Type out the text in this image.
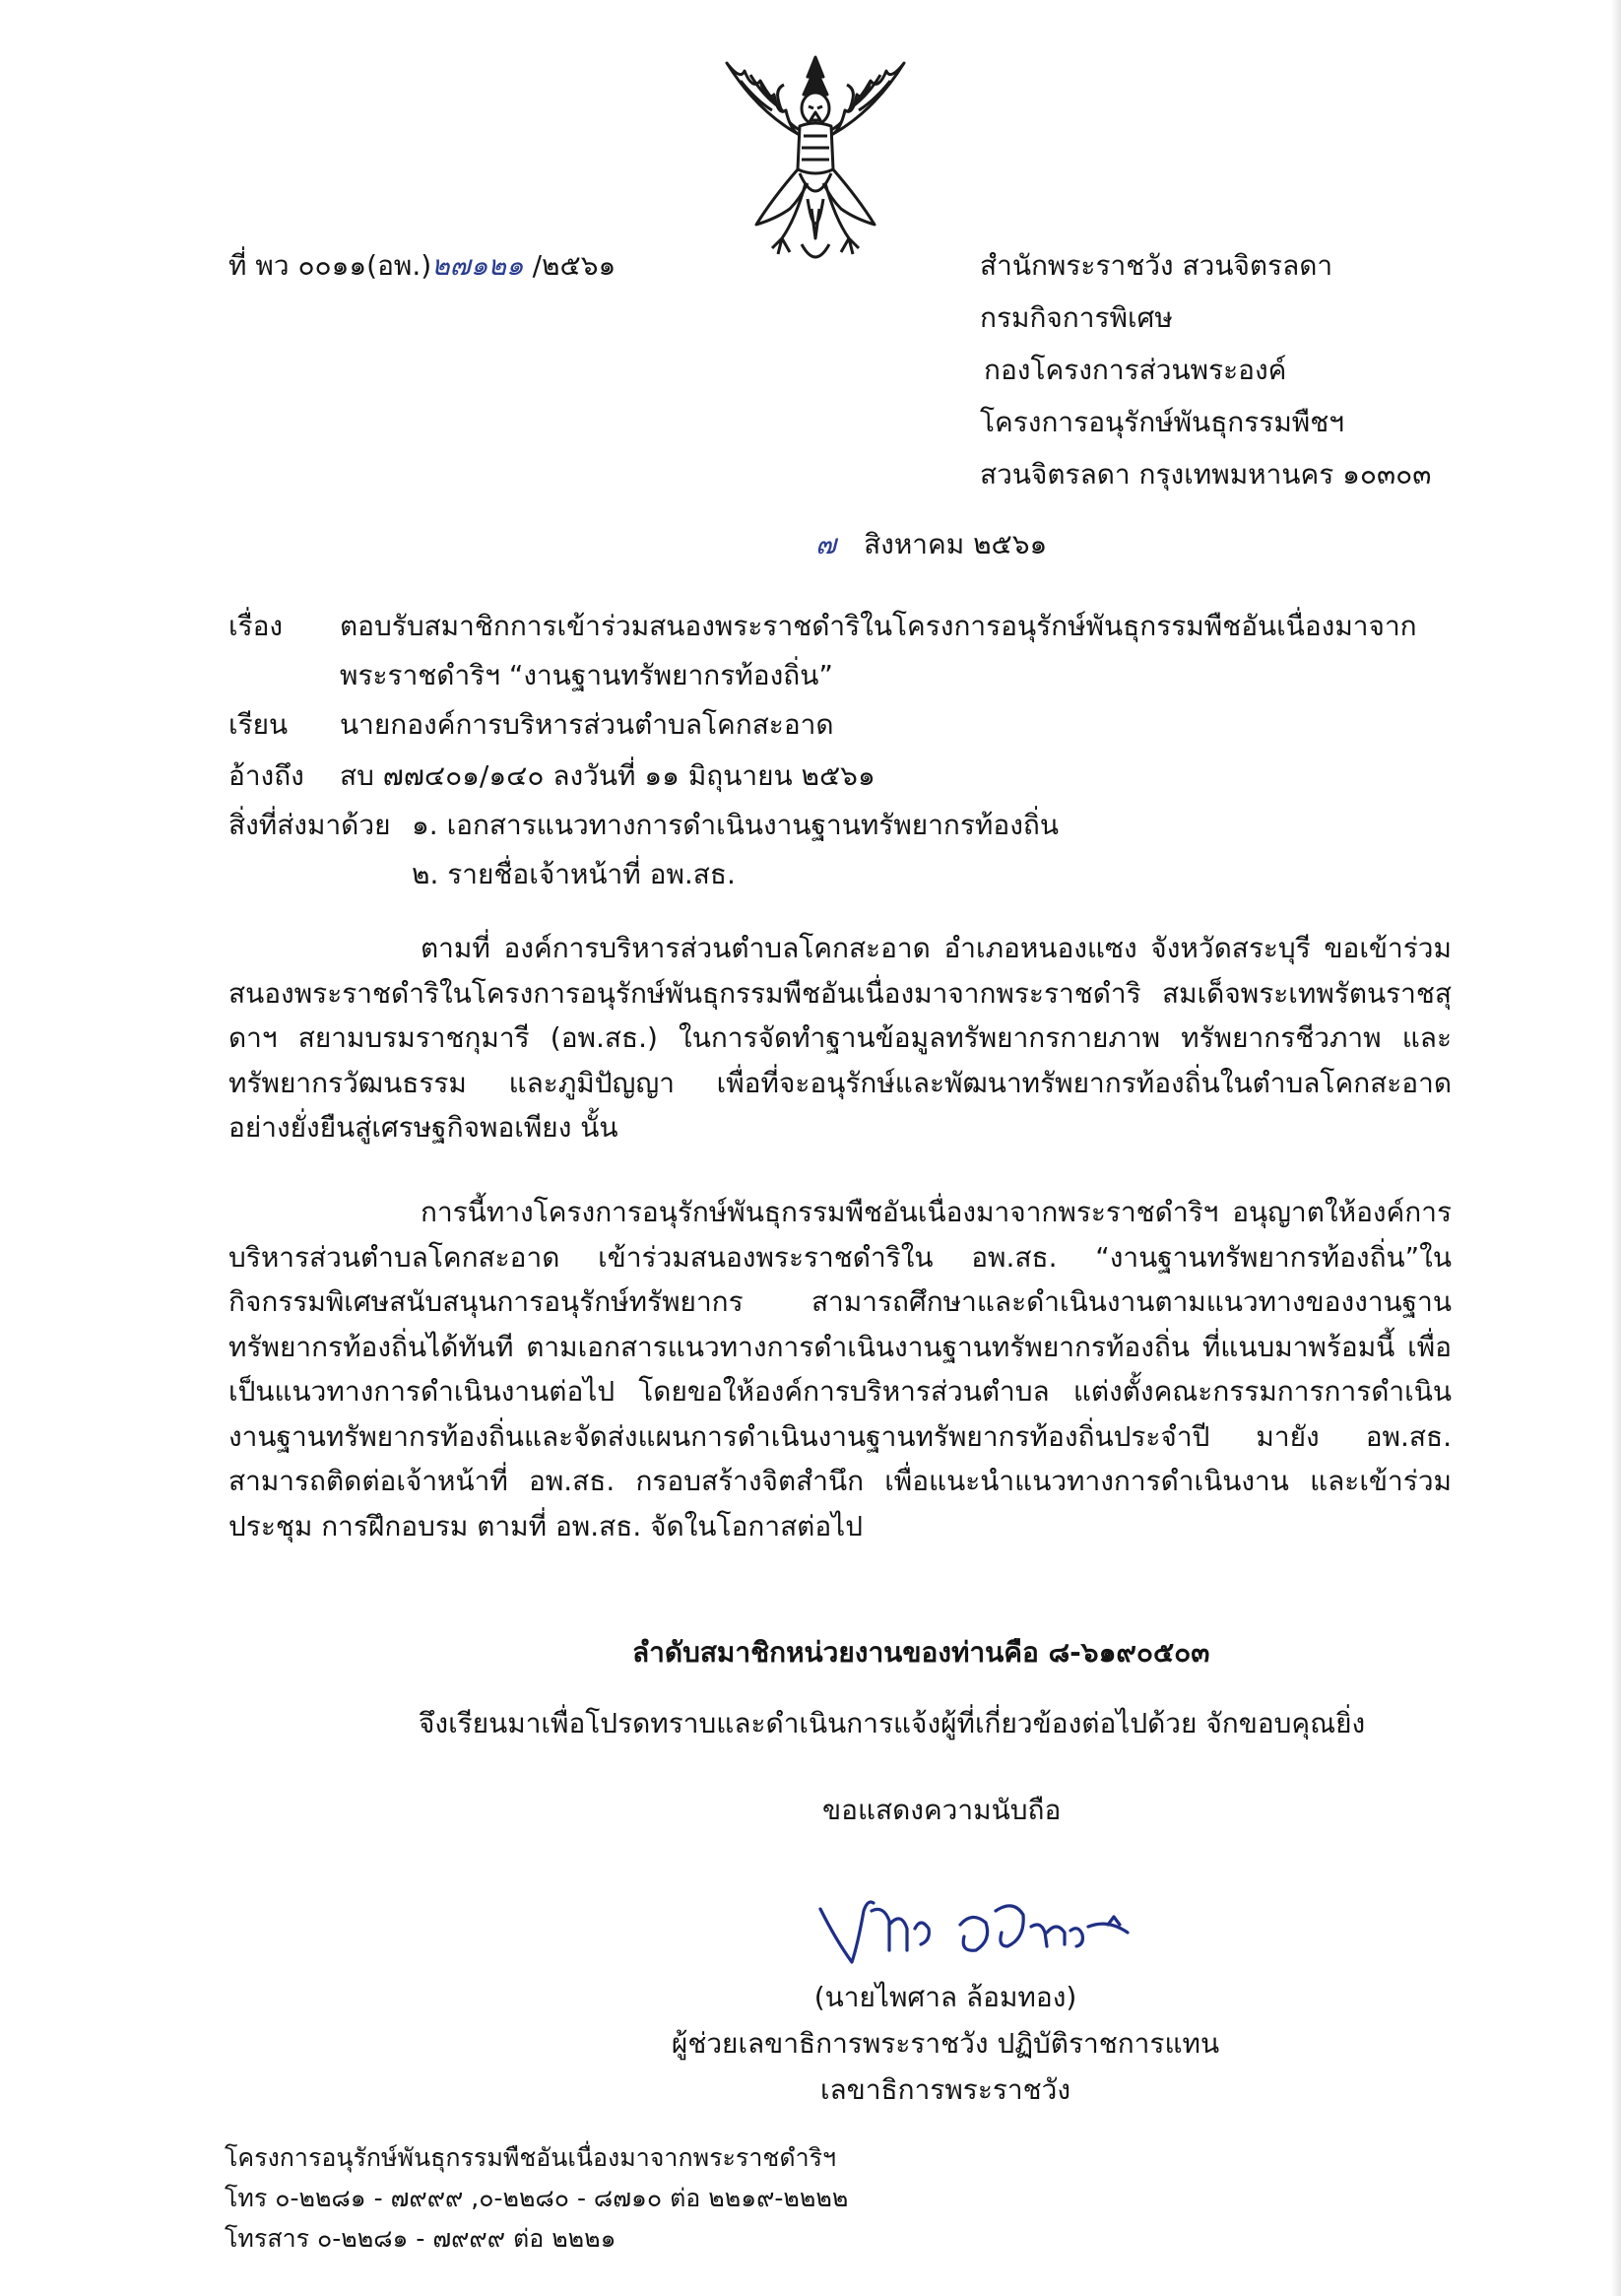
ที่ พว ๐๐๑๑(อพ.)๒๗๑๒๑ /๒๕๖๑	สำนักพระราชวัง สวนจิตรลดา
กรมกิจการพิเศษ
กองโครงการส่วนพระองค์
โครงการอนุรักษ์พันธุกรรมพืชฯ
สวนจิตรลดา กรุงเทพมหานคร ๑๐๓๐๓
๗ สิงหาคม ๒๕๖๑
เรื่อง ตอบรับสมาชิกการเข้าร่วมสนองพระราชดำริในโครงการอนุรักษ์พันธุกรรมพืชอันเนื่องมาจาก
พระราชดำริฯ “งานฐานทรัพยากรท้องถิ่น”
เรียน นายกองค์การบริหารส่วนตำบลโคกสะอาด
อ้างถึง สบ ๗๗๔๐๑/๑๔๐ ลงวันที่ ๑๑ มิถุนายน ๒๕๖๑
สิ่งที่ส่งมาด้วย ๑. เอกสารแนวทางการดำเนินงานฐานทรัพยากรท้องถิ่น
๒. รายชื่อเจ้าหน้าที่ อพ.สธ.

ตามที่ องค์การบริหารส่วนตำบลโคกสะอาด อำเภอหนองแซง จังหวัดสระบุรี ขอเข้าร่วมสนองพระราชดำริในโครงการอนุรักษ์พันธุกรรมพืชอันเนื่องมาจากพระราชดำริ สมเด็จพระเทพรัตนราชสุดาฯ สยามบรมราชกุมารี (อพ.สธ.) ในการจัดทำฐานข้อมูลทรัพยากรกายภาพ ทรัพยากรชีวภาพ และทรัพยากรวัฒนธรรม และภูมิปัญญา เพื่อที่จะอนุรักษ์และพัฒนาทรัพยากรท้องถิ่นในตำบลโคกสะอาด อย่างยั่งยืนสู่เศรษฐกิจพอเพียง นั้น

การนี้ทางโครงการอนุรักษ์พันธุกรรมพืชอันเนื่องมาจากพระราชดำริฯ อนุญาตให้องค์การบริหารส่วนตำบลโคกสะอาด เข้าร่วมสนองพระราชดำริใน อพ.สธ. “งานฐานทรัพยากรท้องถิ่น”ในกิจกรรมพิเศษสนับสนุนการอนุรักษ์ทรัพยากร สามารถศึกษาและดำเนินงานตามแนวทางของงานฐานทรัพยากรท้องถิ่นได้ทันที ตามเอกสารแนวทางการดำเนินงานฐานทรัพยากรท้องถิ่น ที่แนบมาพร้อมนี้ เพื่อเป็นแนวทางการดำเนินงานต่อไป โดยขอให้องค์การบริหารส่วนตำบล แต่งตั้งคณะกรรมการการดำเนินงานฐานทรัพยากรท้องถิ่นและจัดส่งแผนการดำเนินงานฐานทรัพยากรท้องถิ่นประจำปี มายัง อพ.สธ. สามารถติดต่อเจ้าหน้าที่ อพ.สธ. กรอบสร้างจิตสำนึก เพื่อแนะนำแนวทางการดำเนินงาน และเข้าร่วมประชุม การฝึกอบรม ตามที่ อพ.สธ. จัดในโอกาสต่อไป

ลำดับสมาชิกหน่วยงานของท่านคือ ๘-๖๑๙๐๕๐๓
จึงเรียนมาเพื่อโปรดทราบและดำเนินการแจ้งผู้ที่เกี่ยวข้องต่อไปด้วย จักขอบคุณยิ่ง
ขอแสดงความนับถือ
(นายไพศาล ล้อมทอง)
ผู้ช่วยเลขาธิการพระราชวัง ปฏิบัติราชการแทน
เลขาธิการพระราชวัง
โครงการอนุรักษ์พันธุกรรมพืชอันเนื่องมาจากพระราชดำริฯ
โทร ๐-๒๒๘๑ - ๗๙๙๙ ,๐-๒๒๘๐ - ๘๗๑๐ ต่อ ๒๒๑๙-๒๒๒๒
โทรสาร ๐-๒๒๘๑ - ๗๙๙๙ ต่อ ๒๒๒๑
